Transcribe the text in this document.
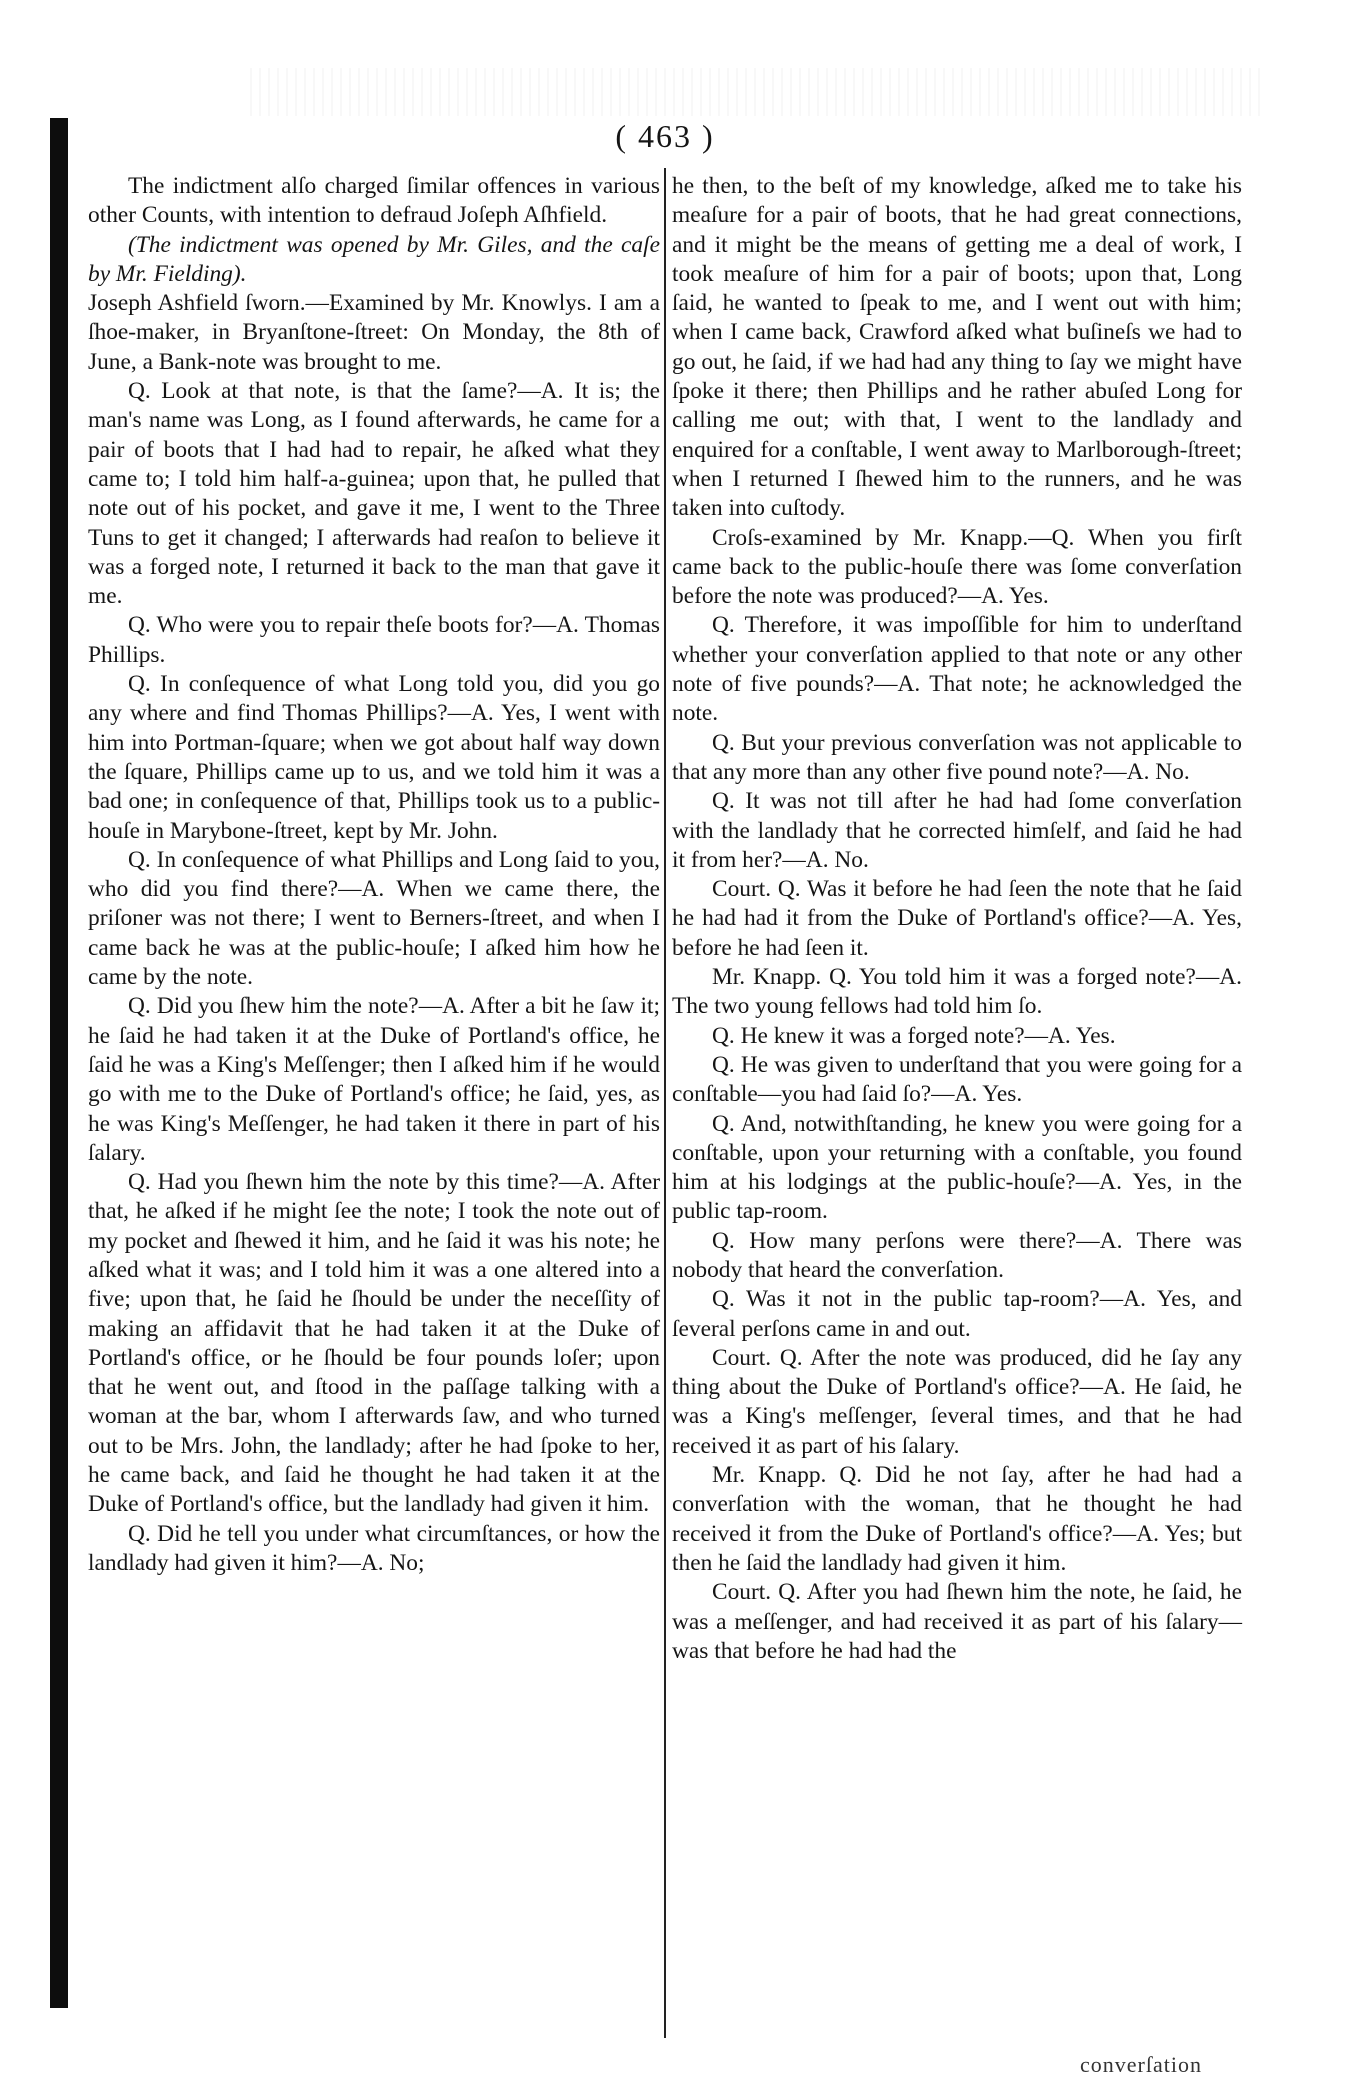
( 463 )

The indictment alſo charged ſimilar offences in various other Counts, with intention to defraud Joſeph Aſhfield.

(The indictment was opened by Mr. Giles, and the caſe by Mr. Fielding).

Joseph Ashfield ſworn.—Examined by Mr. Knowlys. I am a ſhoe-maker, in Bryanſtone-ſtreet: On Monday, the 8th of June, a Bank-note was brought to me.

Q. Look at that note, is that the ſame?—A. It is; the man's name was Long, as I found afterwards, he came for a pair of boots that I had had to repair, he aſked what they came to; I told him half-a-guinea; upon that, he pulled that note out of his pocket, and gave it me, I went to the Three Tuns to get it changed; I afterwards had reaſon to believe it was a forged note, I returned it back to the man that gave it me.

Q. Who were you to repair theſe boots for?—A. Thomas Phillips.

Q. In conſequence of what Long told you, did you go any where and find Thomas Phillips?—A. Yes, I went with him into Portman-ſquare; when we got about half way down the ſquare, Phillips came up to us, and we told him it was a bad one; in conſequence of that, Phillips took us to a public-houſe in Marybone-ſtreet, kept by Mr. John.

Q. In conſequence of what Phillips and Long ſaid to you, who did you find there?—A. When we came there, the priſoner was not there; I went to Berners-ſtreet, and when I came back he was at the public-houſe; I aſked him how he came by the note.

Q. Did you ſhew him the note?—A. After a bit he ſaw it; he ſaid he had taken it at the Duke of Portland's office, he ſaid he was a King's Meſſenger; then I aſked him if he would go with me to the Duke of Portland's office; he ſaid, yes, as he was King's Meſſenger, he had taken it there in part of his ſalary.

Q. Had you ſhewn him the note by this time?—A. After that, he aſked if he might ſee the note; I took the note out of my pocket and ſhewed it him, and he ſaid it was his note; he aſked what it was; and I told him it was a one altered into a five; upon that, he ſaid he ſhould be under the neceſſity of making an affidavit that he had taken it at the Duke of Portland's office, or he ſhould be four pounds loſer; upon that he went out, and ſtood in the paſſage talking with a woman at the bar, whom I afterwards ſaw, and who turned out to be Mrs. John, the landlady; after he had ſpoke to her, he came back, and ſaid he thought he had taken it at the Duke of Portland's office, but the landlady had given it him.

Q. Did he tell you under what circumſtances, or how the landlady had given it him?—A. No;

he then, to the beſt of my knowledge, aſked me to take his meaſure for a pair of boots, that he had great connections, and it might be the means of getting me a deal of work, I took meaſure of him for a pair of boots; upon that, Long ſaid, he wanted to ſpeak to me, and I went out with him; when I came back, Crawford aſked what buſineſs we had to go out, he ſaid, if we had had any thing to ſay we might have ſpoke it there; then Phillips and he rather abuſed Long for calling me out; with that, I went to the landlady and enquired for a conſtable, I went away to Marlborough-ſtreet; when I returned I ſhewed him to the runners, and he was taken into cuſtody.

Croſs-examined by Mr. Knapp.—Q. When you firſt came back to the public-houſe there was ſome converſation before the note was produced?—A. Yes.

Q. Therefore, it was impoſſible for him to underſtand whether your converſation applied to that note or any other note of five pounds?—A. That note; he acknowledged the note.

Q. But your previous converſation was not applicable to that any more than any other five pound note?—A. No.

Q. It was not till after he had had ſome converſation with the landlady that he corrected himſelf, and ſaid he had it from her?—A. No.

Court. Q. Was it before he had ſeen the note that he ſaid he had had it from the Duke of Portland's office?—A. Yes, before he had ſeen it.

Mr. Knapp. Q. You told him it was a forged note?—A. The two young fellows had told him ſo.

Q. He knew it was a forged note?—A. Yes.

Q. He was given to underſtand that you were going for a conſtable—you had ſaid ſo?—A. Yes.

Q. And, notwithſtanding, he knew you were going for a conſtable, upon your returning with a conſtable, you found him at his lodgings at the public-houſe?—A. Yes, in the public tap-room.

Q. How many perſons were there?—A. There was nobody that heard the converſation.

Q. Was it not in the public tap-room?—A. Yes, and ſeveral perſons came in and out.

Court. Q. After the note was produced, did he ſay any thing about the Duke of Portland's office?—A. He ſaid, he was a King's meſſenger, ſeveral times, and that he had received it as part of his ſalary.

Mr. Knapp. Q. Did he not ſay, after he had had a converſation with the woman, that he thought he had received it from the Duke of Portland's office?—A. Yes; but then he ſaid the landlady had given it him.

Court. Q. After you had ſhewn him the note, he ſaid, he was a meſſenger, and had received it as part of his ſalary—was that before he had had the

converſation
